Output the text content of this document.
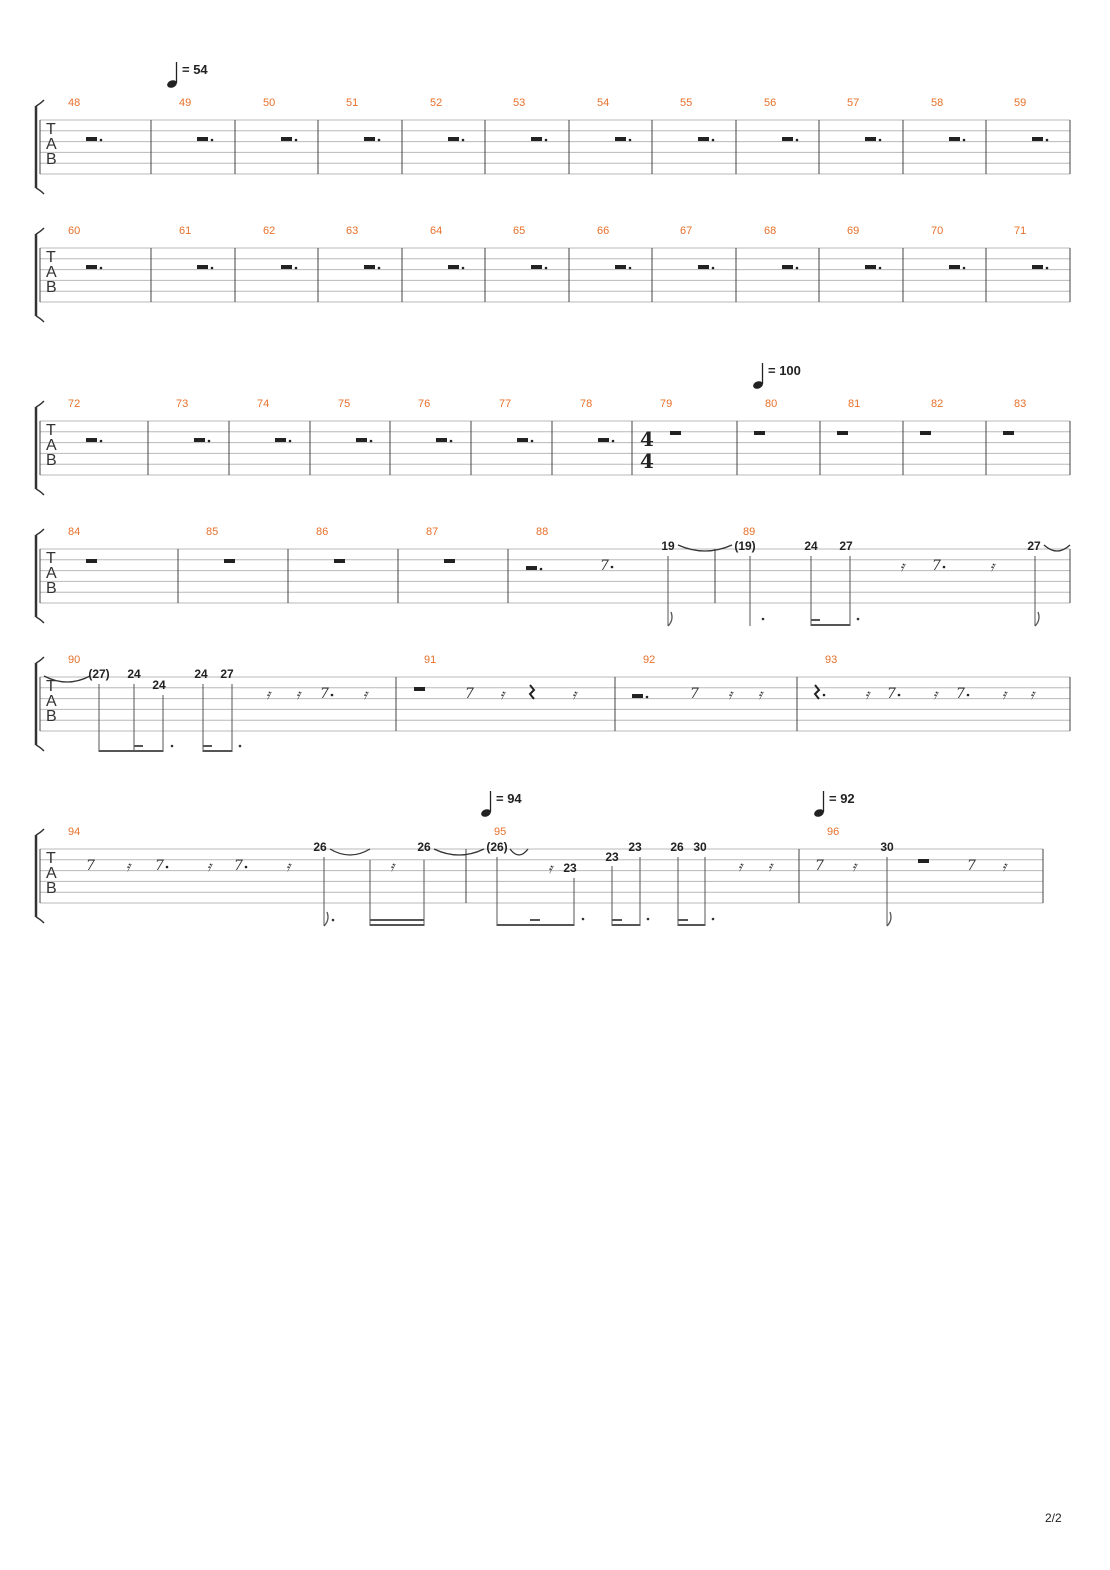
T
A
B
48	49	50	51	52	53	54	55	56	57	58	59
T
A
B
60	61	62	63	64	65	66	67	68	69	70	71
T
A
B
72	73	74	75	76	77	78	79	80	81	82	83
T
A
B
84	85	86	87	88	89
T
A
B
90	91	92	93
T
A
B
94	95	96
4
4
7	𝄿 7	𝄿
𝄿 𝄿 7 𝄿	7 𝄿	𝄿	7 𝄿 𝄿	𝄿 7	𝄿 7	𝄿 𝄿
7 𝄿 7	𝄿 7	𝄿	𝄿 𝄿	7 𝄿	7 𝄿
= 54
= 100
= 94	= 92
19	(19)	24 27	27
(27) 24
24
24 27
26
𝄿
26	(26)
𝄿 23
23
23 26 30	30
2/2
